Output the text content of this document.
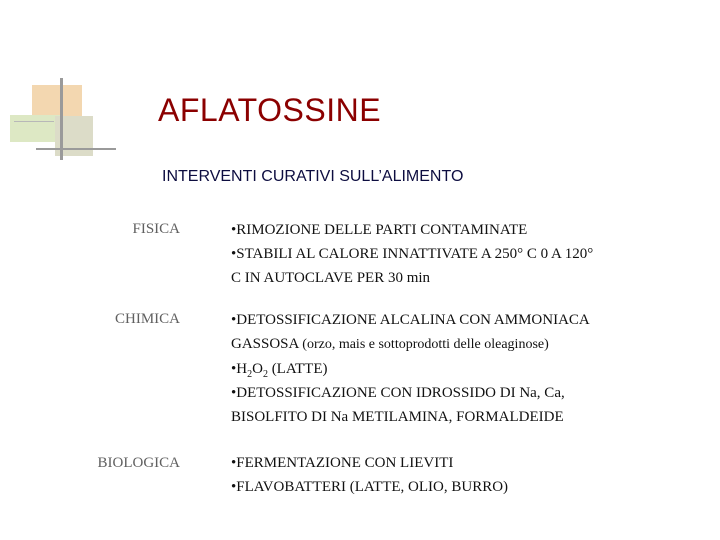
AFLATOSSINE
INTERVENTI CURATIVI SULL’ALIMENTO
FISICA	•RIMOZIONE DELLE PARTI CONTAMINATE
•STABILI AL CALORE INNATTIVATE A 250° C 0 A 120°
C IN AUTOCLAVE PER 30 min
CHIMICA	•DETOSSIFICAZIONE ALCALINA CON AMMONIACA
GASSOSA (orzo, mais e sottoprodotti delle oleaginose)
$•H_2O_2$ (LATTE)
•DETOSSIFICAZIONE CON IDROSSIDO DI Na, Ca,
BISOLFITO DI Na METILAMINA, FORMALDEIDE
BIOLOGICA	•FERMENTAZIONE CON LIEVITI
•FLAVOBATTERI (LATTE, OLIO, BURRO)
